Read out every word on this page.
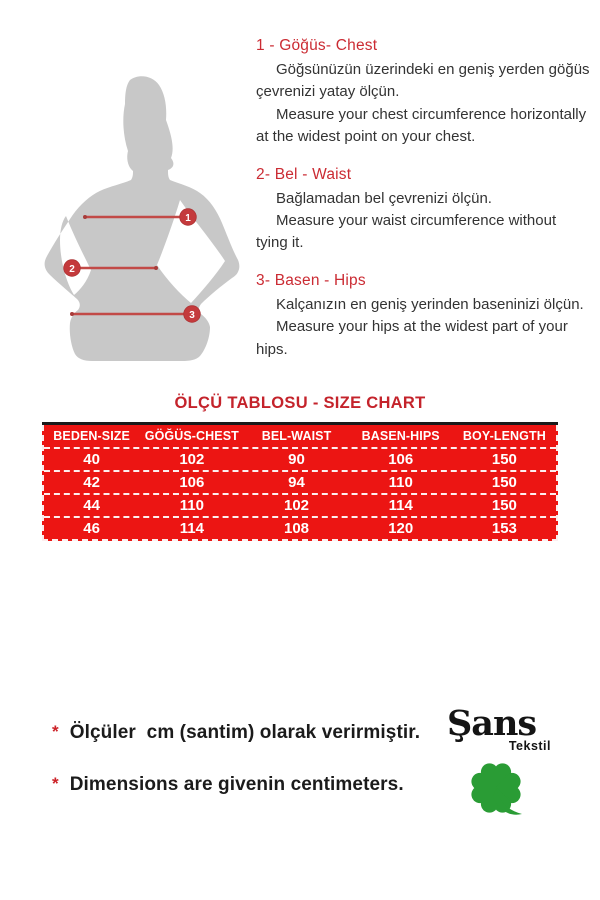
1
2
3
1 - Göğüs- Chest

Göğsünüzün üzerindeki en geniş yerden göğüs çevrenizi yatay ölçün.

Measure your chest circumference horizontally at the widest point on your chest.

2- Bel - Waist

Bağlamadan bel çevrenizi ölçün.

Measure your waist circumference without tying it.

3- Basen - Hips

Kalçanızın en geniş yerinden baseninizi ölçün.

Measure your hips at the widest part of your hips.

ÖLÇÜ TABLOSU - SIZE CHART
BEDEN-SIZE	GÖĞÜS-CHEST	BEL-WAIST	BASEN-HIPS	BOY-LENGTH
40	102	90	106	150
42	106	94	110	150
44	110	102	114	150
46	114	108	120	153

* Ölçüler  cm (santim) olarak verirmiştir.

* Dimensions are givenin centimeters.

Şans
Tekstil
